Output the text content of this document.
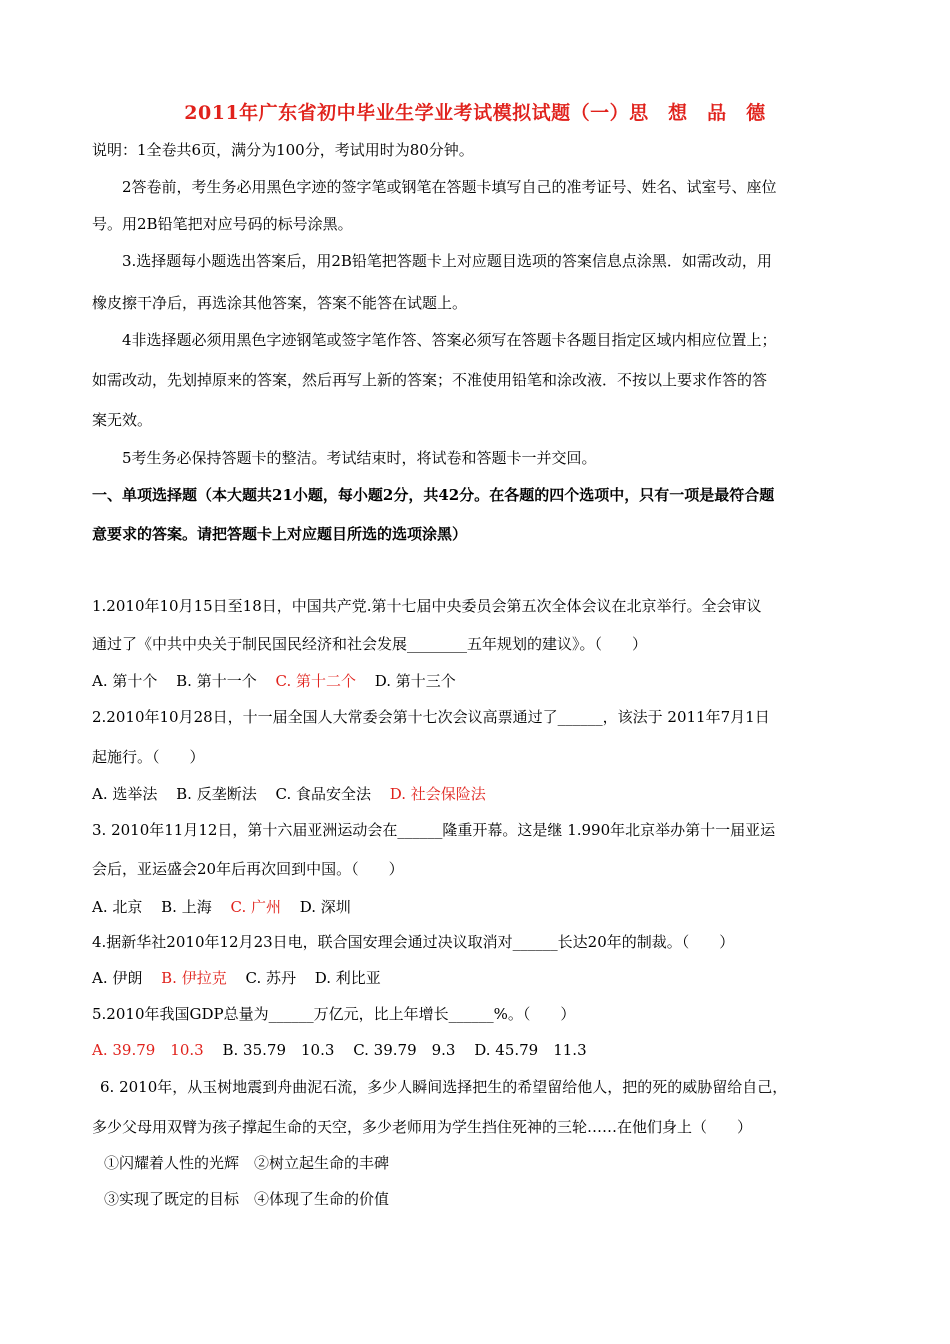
2011年广东省初中毕业生学业考试模拟试题（一）思　想　品　德
说明：1全卷共6页，满分为100分，考试用时为80分钟。
2答卷前，考生务必用黑色字迹的签字笔或钢笔在答题卡填写自己的准考证号、姓名、试室号、座位
号。用2B铅笔把对应号码的标号涂黑。
3.选择题每小题选出答案后，用2B铅笔把答题卡上对应题目选项的答案信息点涂黑．如需改动，用
橡皮擦干净后，再选涂其他答案，答案不能答在试题上。
4非选择题必须用黑色字迹钢笔或签字笔作答、答案必须写在答题卡各题目指定区域内相应位置上；
如需改动，先划掉原来的答案，然后再写上新的答案；不准使用铅笔和涂改液．不按以上要求作答的答
案无效。
5考生务必保持答题卡的整洁。考试结束时，将试卷和答题卡一并交回。
一、单项选择题（本大题共21小题，每小题2分，共42分。在各题的四个选项中，只有一项是最符合题
意要求的答案。请把答题卡上对应题目所选的选项涂黑）
1.2010年10月15日至18日，中国共产党.第十七届中央委员会第五次全体会议在北京举行。全会审议
通过了《中共中央关于制民国民经济和社会发展________五年规划的建议》。（　　）
A. 第十个 B. 第十一个 C. 第十二个 D. 第十三个
2.2010年10月28日，十一届全国人大常委会第十七次会议高票通过了______，该法于 2011年7月1日
起施行。（　　）
A. 选举法 B. 反垄断法 C. 食品安全法 D. 社会保险法
3. 2010年11月12日，第十六届亚洲运动会在______隆重开幕。这是继 1.990年北京举办第十一届亚运
会后，亚运盛会20年后再次回到中国。（　　）
A. 北京 B. 上海 C. 广州 D. 深圳
4.据新华社2010年12月23日电，联合国安理会通过决议取消对______长达20年的制裁。（　　）
A. 伊朗 B. 伊拉克 C. 苏丹 D. 利比亚
5.2010年我国GDP总量为______万亿元，比上年增长______%。（　　）
A. 39.79　10.3 B. 35.79　10.3 C. 39.79　9.3 D. 45.79　11.3
6. 2010年，从玉树地震到舟曲泥石流，多少人瞬间选择把生的希望留给他人，把的死的威胁留给自己，
多少父母用双臂为孩子撑起生命的天空，多少老师用为学生挡住死神的三轮……在他们身上（　　）
①闪耀着人性的光辉　②树立起生命的丰碑
③实现了既定的目标　④体现了生命的价值
